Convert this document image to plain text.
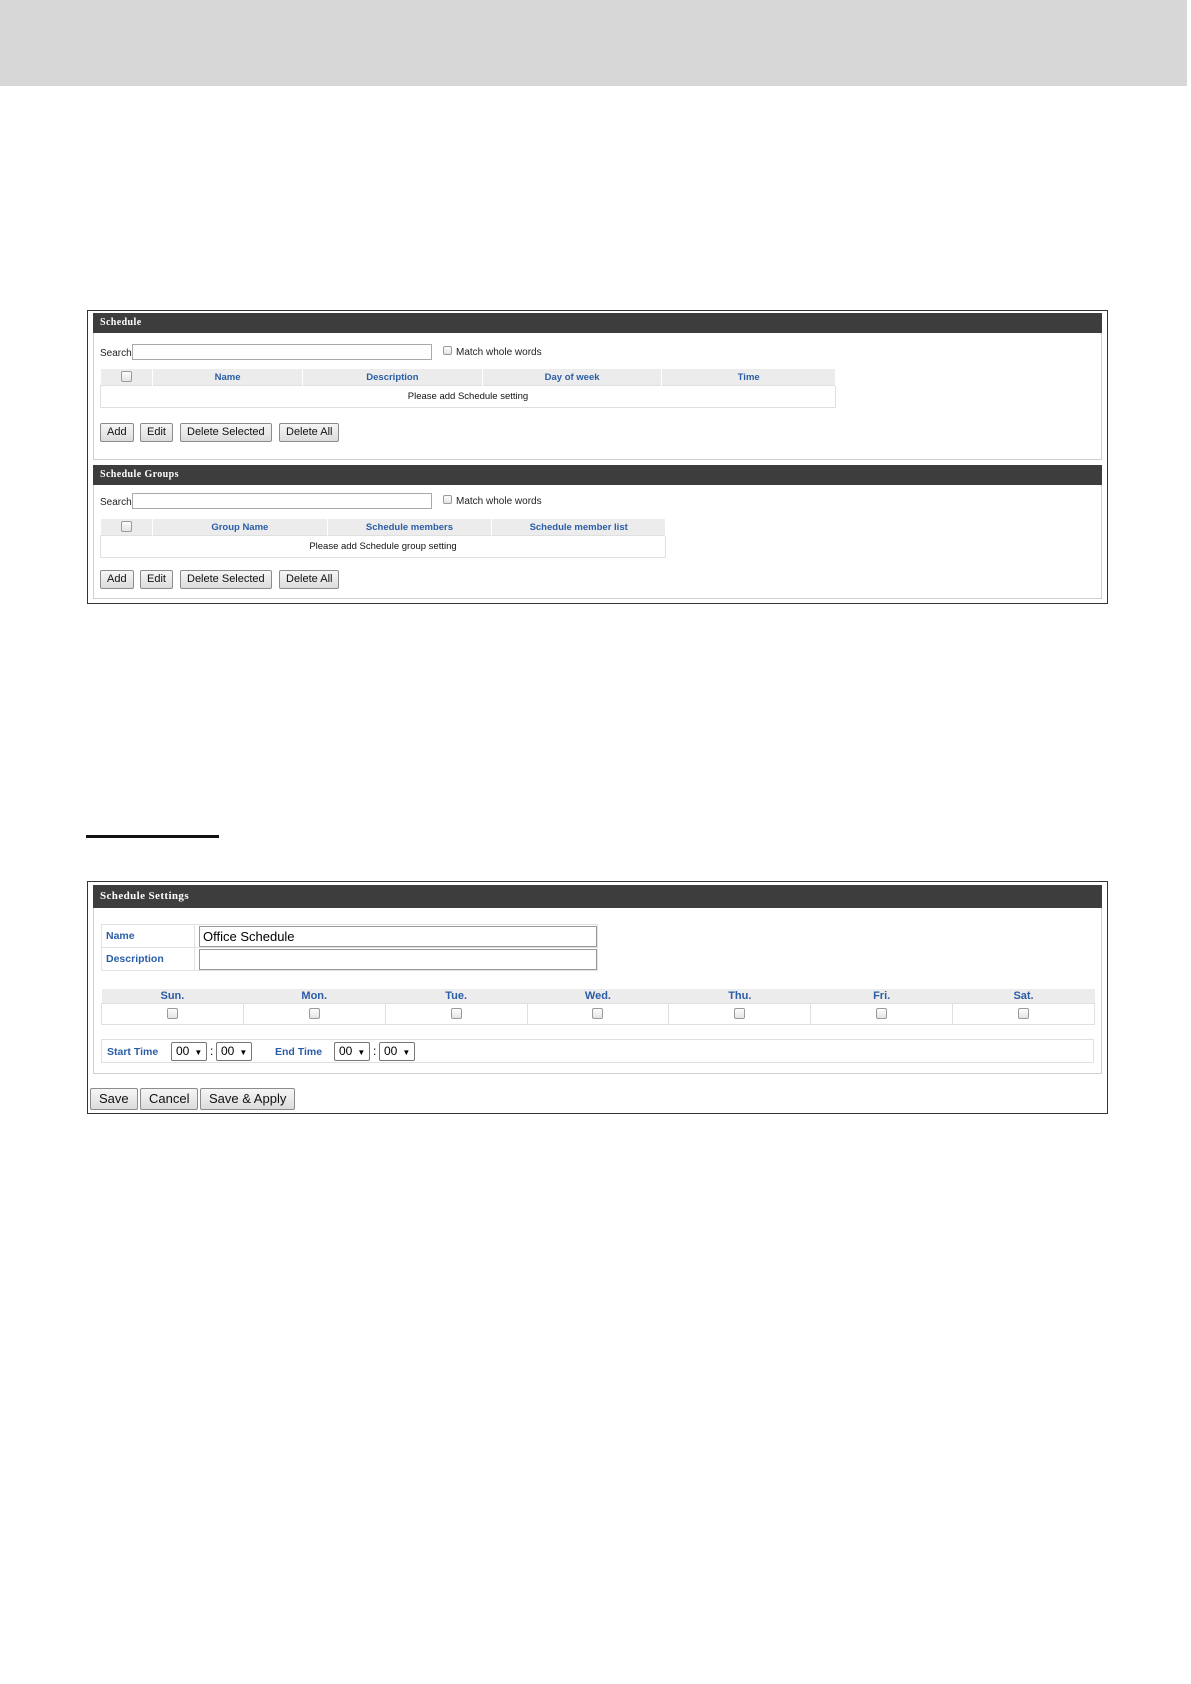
Schedule
Search	Match whole words
	Name	Description	Day of week	Time
Please add Schedule setting
Add	Edit	Delete Selected	Delete All
Schedule Groups
Search	Match whole words
	Group Name	Schedule members	Schedule member list
Please add Schedule group setting
Add	Edit	Delete Selected	Delete All
Schedule Settings
Name	Office Schedule
Description	
Sun.	Mon.	Tue.	Wed.	Thu.	Fri.	Sat.

Start Time	00 ▼ : 00 ▼	End Time	00 ▼ : 00 ▼
Save	Cancel	Save & Apply
